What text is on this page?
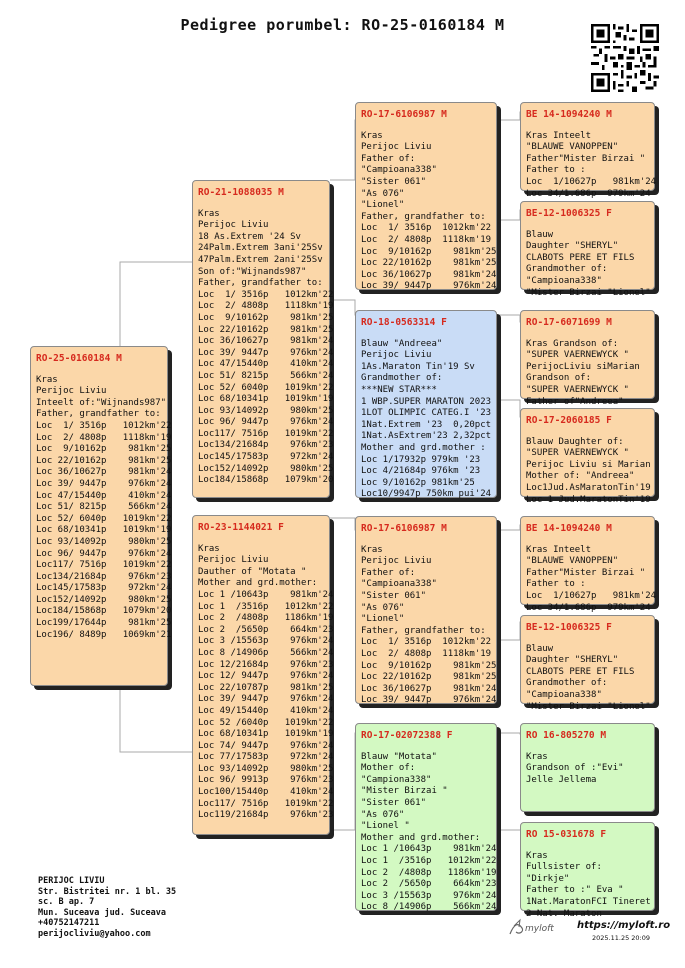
Pedigree porumbel: RO-25-0160184 M
RO-25-0160184 M
Kras
Perijoc Liviu
Inteelt of:"Wijnands987"
Father, grandfather to:
Loc  1/ 3516p   1012km'22
Loc  2/ 4808p   1118km'19
Loc  9/10162p    981km'25
Loc 22/10162p    981km'25
Loc 36/10627p    981km'24
Loc 39/ 9447p    976km'24
Loc 47/15440p    410km'24
Loc 51/ 8215p    566km'24
Loc 52/ 6040p   1019km'22
Loc 68/10341p   1019km'19
Loc 93/14092p    980km'25
Loc 96/ 9447p    976km'24
Loc117/ 7516p   1019km'22
Loc134/21684p    976km'23
Loc145/17583p    972km'24
Loc152/14092p    980km'25
Loc184/15868p   1079km'20
Loc199/17644p    981km'25
Loc196/ 8489p   1069km'21
RO-21-1088035 M
Kras
Perijoc Liviu
18 As.Extrem '24 Sv
24Palm.Extrem 3ani'25Sv
47Palm.Extrem 2ani'25Sv
Son of:"Wijnands987"
Father, grandfather to:
Loc  1/ 3516p   1012km'22
Loc  2/ 4808p   1118km'19
Loc  9/10162p    981km'25
Loc 22/10162p    981km'25
Loc 36/10627p    981km'24
Loc 39/ 9447p    976km'24
Loc 47/15440p    410km'24
Loc 51/ 8215p    566km'24
Loc 52/ 6040p   1019km'22
Loc 68/10341p   1019km'19
Loc 93/14092p    980km'25
Loc 96/ 9447p    976km'24
Loc117/ 7516p   1019km'22
Loc134/21684p    976km'23
Loc145/17583p    972km'24
Loc152/14092p    980km'25
Loc184/15868p   1079km'20
RO-23-1144021 F
Kras
Perijoc Liviu
Dauther of "Motata "
Mother and grd.mother:
Loc 1 /10643p    981km'24
Loc 1  /3516p   1012km'22
Loc 2  /4808p   1186km'19
Loc 2  /5650p    664km'23
Loc 3 /15563p    976km'24
Loc 8 /14906p    566km'24
Loc 12/21684p    976km'23
Loc 12/ 9447p    976km'24
Loc 22/10787p    981km'25
Loc 39/ 9447p    976km'24
Loc 49/15440p    410km'24
Loc 52 /6040p   1019km'22
Loc 68/10341p   1019km'19
Loc 74/ 9447p    976km'24
Loc 77/17583p    972km'24
Loc 93/14092p    980km'25
Loc 96/ 9913p    976km'23
Loc100/15440p    410km'24
Loc117/ 7516p   1019km'22
Loc119/21684p    976km'23
RO-17-6106987 M
Kras
Perijoc Liviu
Father of:
"Campioana338"
"Sister 061"
"As 076"
"Lionel"
Father, grandfather to:
Loc  1/ 3516p  1012km'22
Loc  2/ 4808p  1118km'19
Loc  9/10162p    981km'25
Loc 22/10162p    981km'25
Loc 36/10627p    981km'24
Loc 39/ 9447p    976km'24
RO-18-0563314 F
Blauw "Andreea"
Perijoc Liviu
1As.Maraton Tin'19 Sv
Grandmother of:
***NEW STAR***
1 WBP.SUPER MARATON 2023
1LOT OLIMPIC CATEG.I '23
1Nat.Extrem '23  0,20pct
1Nat.AsExtrem'23 2,32pct
Mother and grd.mother :
Loc 1/17932p 979km '23
Loc 4/21684p 976km '23
Loc 9/10162p 981km'25
Loc10/9947p 750km pui'24
RO-17-6106987 M
Kras
Perijoc Liviu
Father of:
"Campioana338"
"Sister 061"
"As 076"
"Lionel"
Father, grandfather to:
Loc  1/ 3516p  1012km'22
Loc  2/ 4808p  1118km'19
Loc  9/10162p    981km'25
Loc 22/10162p    981km'25
Loc 36/10627p    981km'24
Loc 39/ 9447p    976km'24
RO-17-02072388 F
Blauw "Motata"
Mother of:
"Campiona338"
"Mister Birzai "
"Sister 061"
"As 076"
"Lionel "
Mother and grd.mother:
Loc 1 /10643p    981km'24
Loc 1  /3516p   1012km'22
Loc 2  /4808p   1186km'19
Loc 2  /5650p    664km'23
Loc 3 /15563p    976km'24
Loc 8 /14906p    566km'24
BE 14-1094240 M
Kras Inteelt
"BLAUWE VANOPPEN"
Father"Mister Birzai "
Father to :
Loc  1/10627p   981km'24
Loc 34/1.686p  979km'24
BE-12-1006325 F
Blauw
Daughter "SHERYL"
CLABOTS PERE ET FILS
Grandmother of:
"Campioana338"
"Mister Birzai "Lionel"
RO-17-6071699 M
Kras Grandson of:
"SUPER VAERNEWYCK "
PerijocLiviu siMarian
Grandson of:
"SUPER VAERNEWYCK "
Father of"Andreea"
RO-17-2060185 F
Blauw Daughter of:
"SUPER VAERNEWYCK "
Perijoc Liviu si Marian
Mother of: "Andreea"
Loc1Jud.AsMaratonTin'19
Loc 1 Jud.MaratonTin'19
BE 14-1094240 M
Kras Inteelt
"BLAUWE VANOPPEN"
Father"Mister Birzai "
Father to :
Loc  1/10627p   981km'24
Loc 34/1.686p  979km'24
BE-12-1006325 F
Blauw
Daughter "SHERYL"
CLABOTS PERE ET FILS
Grandmother of:
"Campioana338"
"Mister Birzai "Lionel"
RO 16-805270 M
Kras
Grandson of :"Evi"
Jelle Jellema
RO 15-031678 F
Kras
Fullsister of:
"Dirkje"
Father to :" Eva "
1Nat.MaratonFCI Tineret
2 Nat. Maraton
PERIJOC LIVIU
Str. Bistritei nr. 1 bl. 35
sc. B ap. 7
Mun. Suceava jud. Suceava
+40752147211
perijocliviu@yahoo.com	myloft https://myloft.ro
2025.11.25 20:09
